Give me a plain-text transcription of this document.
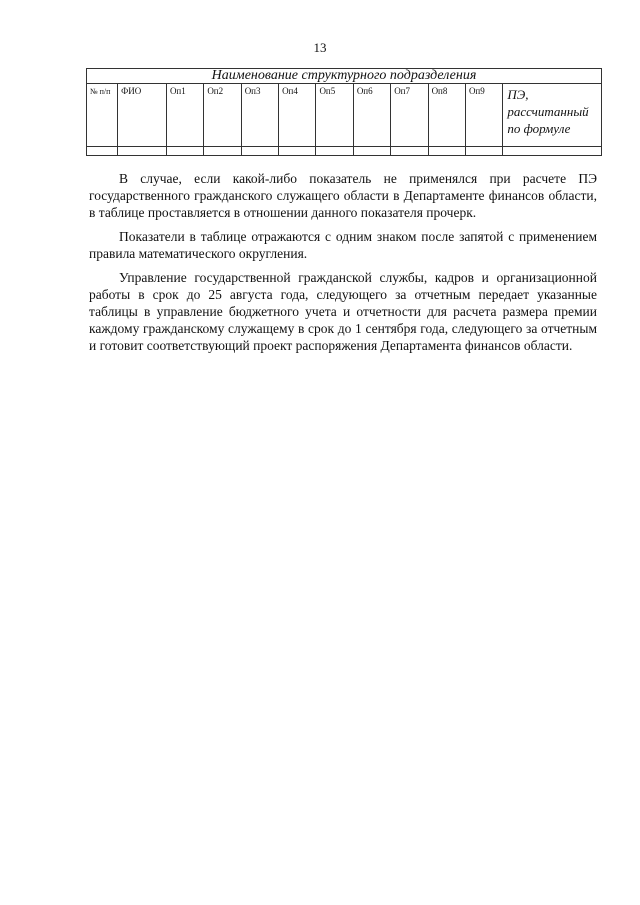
13
Наименование структурного подразделения											
№ п/п	ФИО	Оп1	Оп2	Оп3	Оп4	Оп5	Оп6	Оп7	Оп8	Оп9	ПЭ, рассчитанный по формуле

В случае, если какой-либо показатель не применялся при расчете ПЭ государственного гражданского служащего области в Департаменте финансов области, в таблице проставляется в отношении данного показателя прочерк.

Показатели в таблице отражаются с одним знаком после запятой с применением правила математического округления.

Управление государственной гражданской службы, кадров и организационной работы в срок до 25 августа года, следующего за отчетным передает указанные таблицы в управление бюджетного учета и отчетности для расчета размера премии каждому гражданскому служащему в срок до 1 сентября года, следующего за отчетным и готовит соответствующий проект распоряжения Департамента финансов области.
